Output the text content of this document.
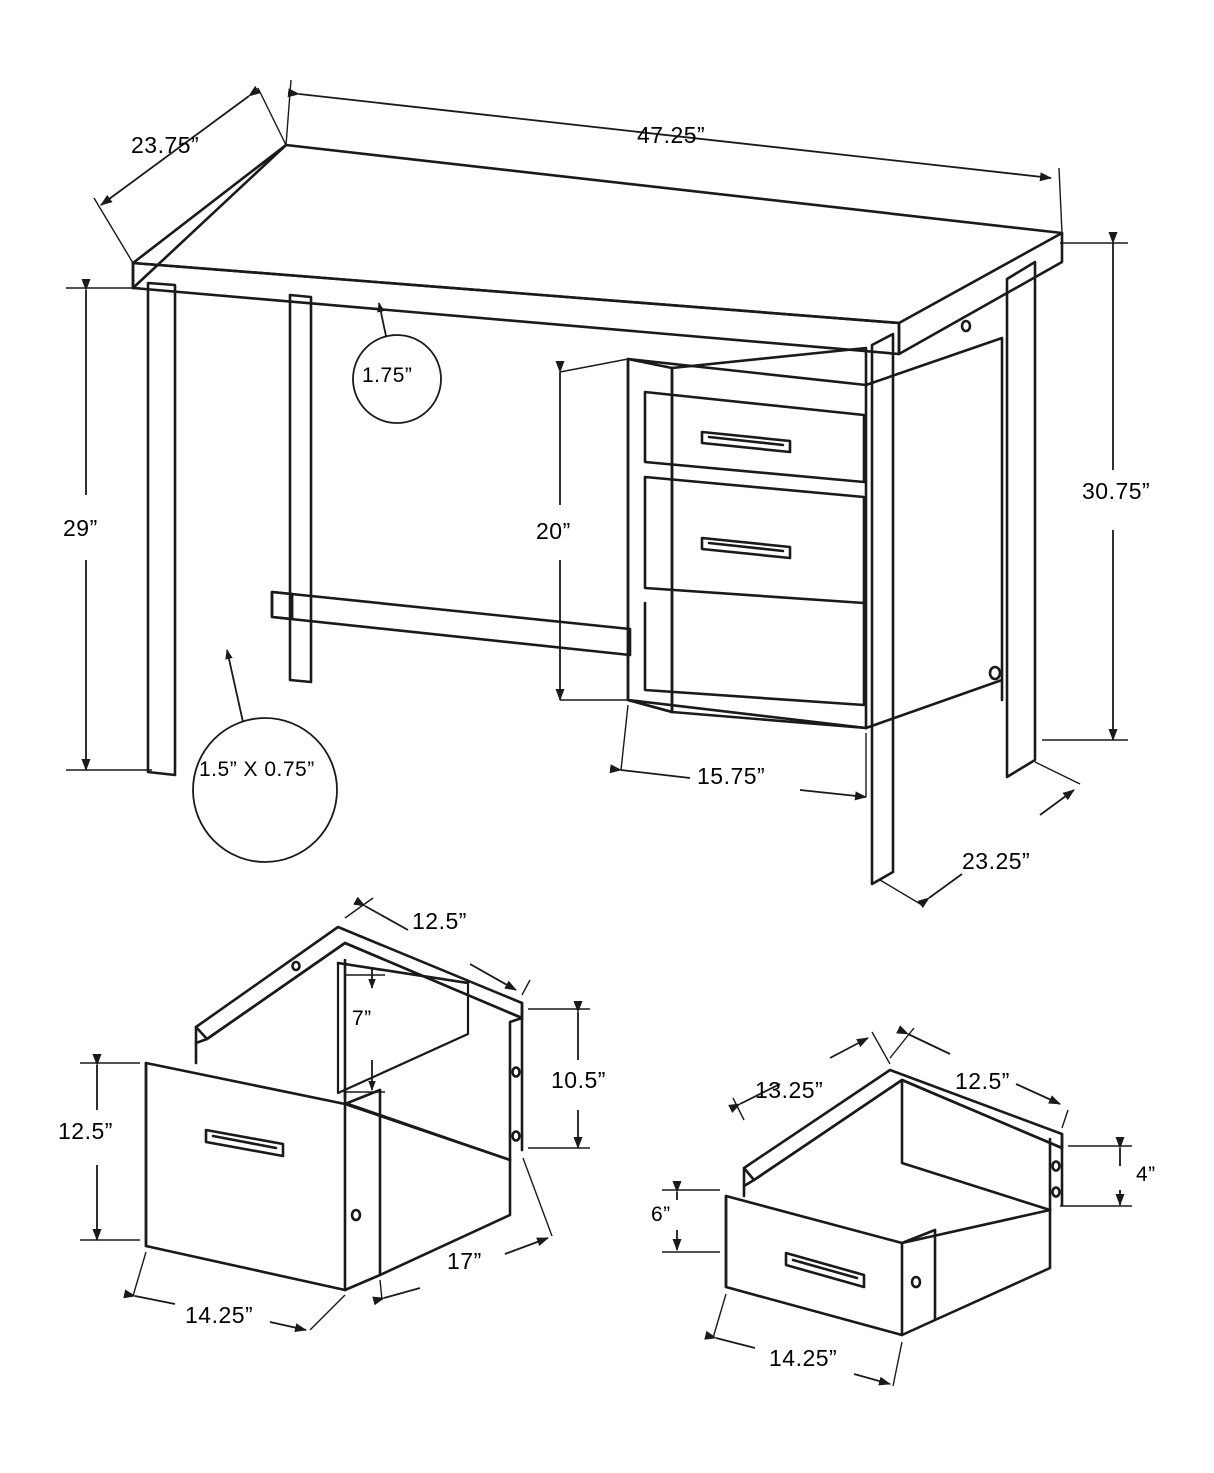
47.25”
23.75”
1.75”
30.75”
29”	20”
1.5” X 0.75”	15.75”
23.25”
12.5”
7”
10.5”
12.5”
14.25”
17”
13.25”	12.5”
4”
6”
14.25”
